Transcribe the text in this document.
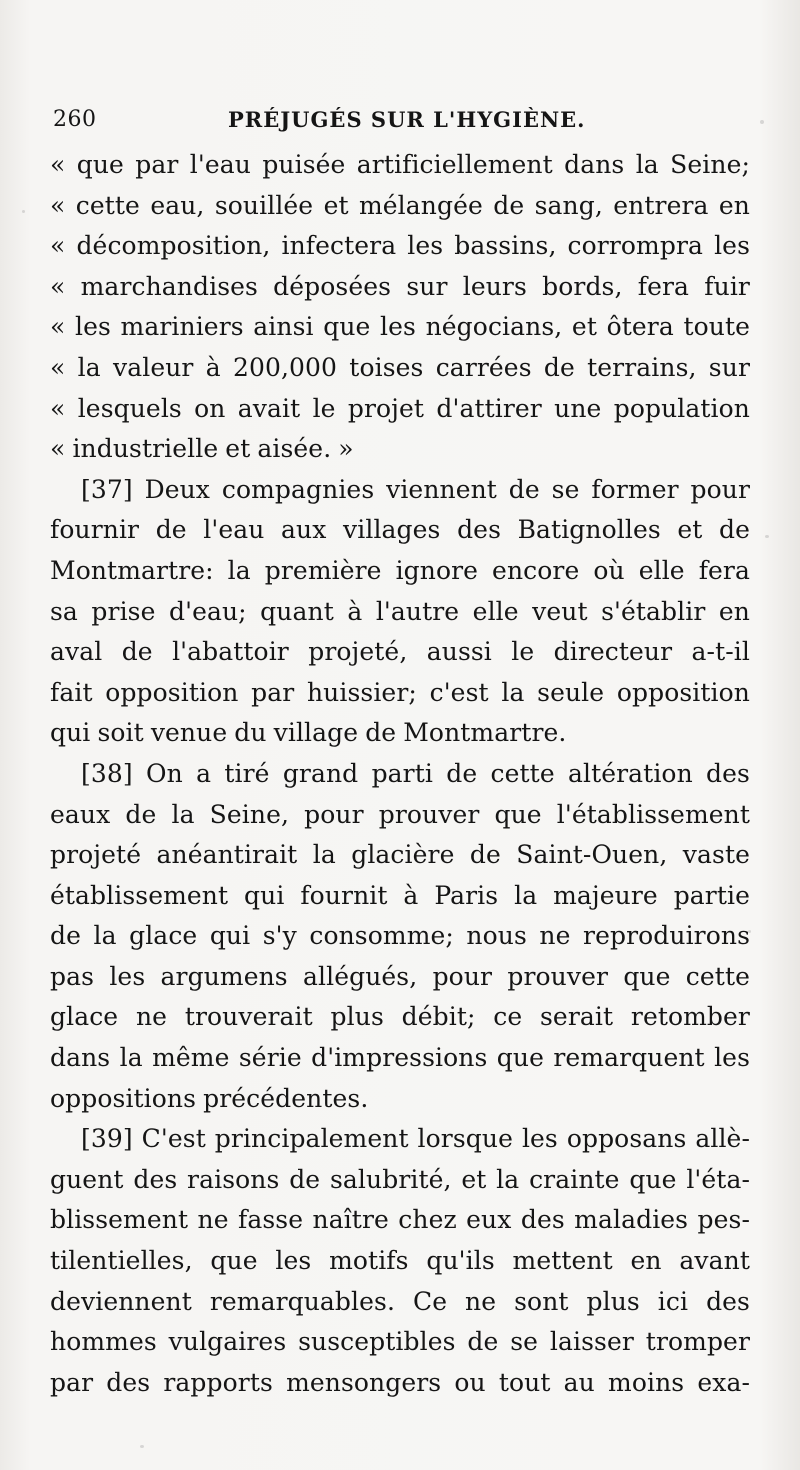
260	PRÉJUGÉS SUR L'HYGIÈNE.
« que par l'eau puisée artificiellement dans la Seine;
« cette eau, souillée et mélangée de sang, entrera en
« décomposition, infectera les bassins, corrompra les
« marchandises déposées sur leurs bords, fera fuir
« les mariniers ainsi que les négocians, et ôtera toute
« la valeur à 200,000 toises carrées de terrains, sur
« lesquels on avait le projet d'attirer une population
« industrielle et aisée. »
[37] Deux compagnies viennent de se former pour
fournir de l'eau aux villages des Batignolles et de
Montmartre: la première ignore encore où elle fera
sa prise d'eau; quant à l'autre elle veut s'établir en
aval de l'abattoir projeté, aussi le directeur a-t-il
fait opposition par huissier; c'est la seule opposition
qui soit venue du village de Montmartre.
[38] On a tiré grand parti de cette altération des
eaux de la Seine, pour prouver que l'établissement
projeté anéantirait la glacière de Saint-Ouen, vaste
établissement qui fournit à Paris la majeure partie
de la glace qui s'y consomme; nous ne reproduirons
pas les argumens allégués, pour prouver que cette
glace ne trouverait plus débit; ce serait retomber
dans la même série d'impressions que remarquent les
oppositions précédentes.
[39] C'est principalement lorsque les opposans allè-
guent des raisons de salubrité, et la crainte que l'éta-
blissement ne fasse naître chez eux des maladies pes-
tilentielles, que les motifs qu'ils mettent en avant
deviennent remarquables. Ce ne sont plus ici des
hommes vulgaires susceptibles de se laisser tromper
par des rapports mensongers ou tout au moins exa-
